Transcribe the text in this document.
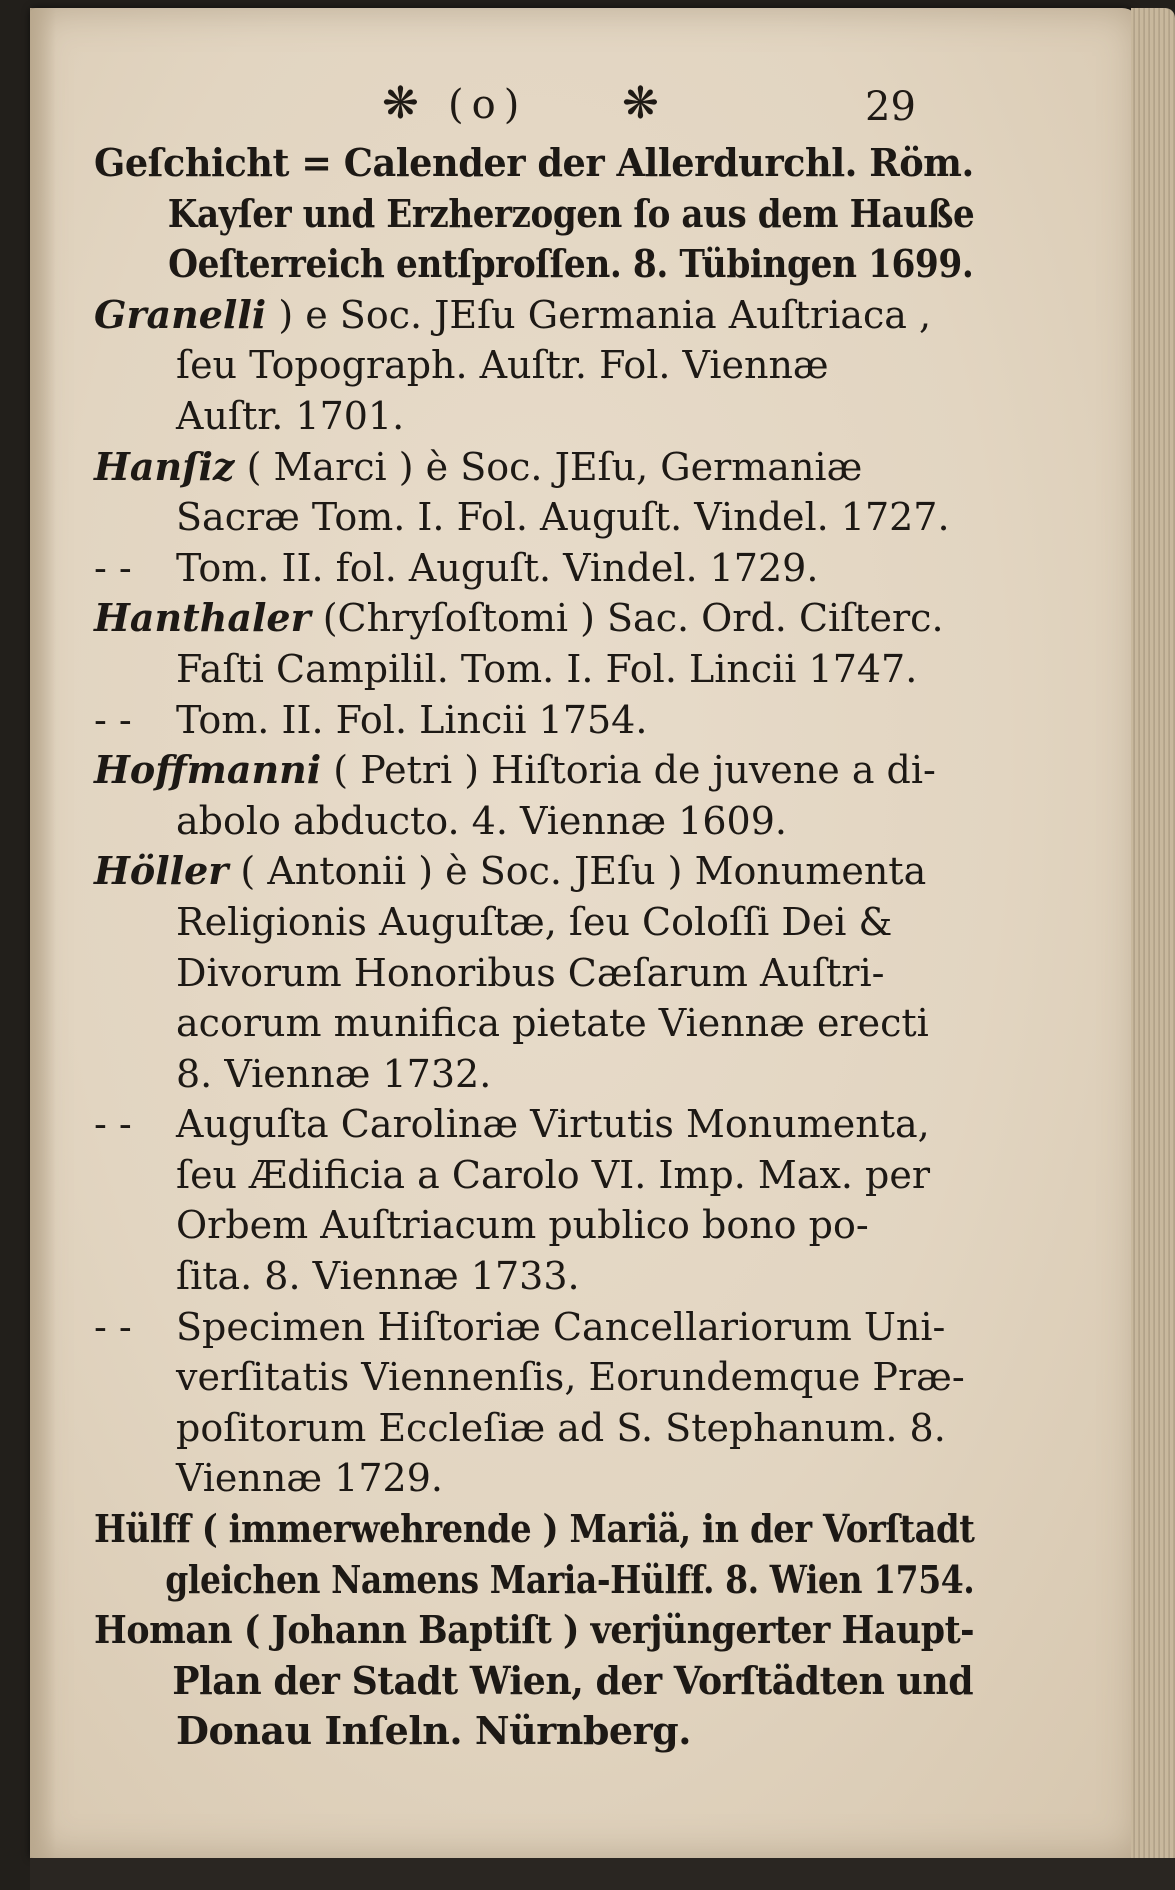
❋ (o) ❋	29
Geſchicht = Calender der Allerdurchl. Röm.
Kayſer und Erzherzogen ſo aus dem Hauße
Oeſterreich entſproſſen. 8. Tübingen 1699.
Granelli ) e Soc. JEſu Germania Auſtriaca ,
ſeu Topograph. Auſtr. Fol. Viennæ
Auſtr. 1701.
Hanſiz ( Marci ) è Soc. JEſu, Germaniæ
Sacræ Tom. I. Fol. Auguſt. Vindel. 1727.
- - Tom. II. fol. Auguſt. Vindel. 1729.
Hanthaler (Chryſoſtomi ) Sac. Ord. Ciſterc.
Faſti Campilil. Tom. I. Fol. Lincii 1747.
- - Tom. II. Fol. Lincii 1754.
Hoffmanni ( Petri ) Hiſtoria de juvene a di-
abolo abducto. 4. Viennæ 1609.
Höller ( Antonii ) è Soc. JEſu ) Monumenta
Religionis Auguſtæ, ſeu Coloſſi Dei &
Divorum Honoribus Cæſarum Auſtri-
acorum munifica pietate Viennæ erecti
8. Viennæ 1732.
- - Auguſta Carolinæ Virtutis Monumenta,
ſeu Ædificia a Carolo VI. Imp. Max. per
Orbem Auſtriacum publico bono po-
ſita. 8. Viennæ 1733.
- - Specimen Hiſtoriæ Cancellariorum Uni-
verſitatis Viennenſis, Eorundemque Præ-
poſitorum Eccleſiæ ad S. Stephanum. 8.
Viennæ 1729.
Hülff ( immerwehrende ) Mariä, in der Vorſtadt
gleichen Namens Maria-Hülff. 8. Wien 1754.
Homan ( Johann Baptiſt ) verjüngerter Haupt-
Plan der Stadt Wien, der Vorſtädten und
Donau Inſeln. Nürnberg.
